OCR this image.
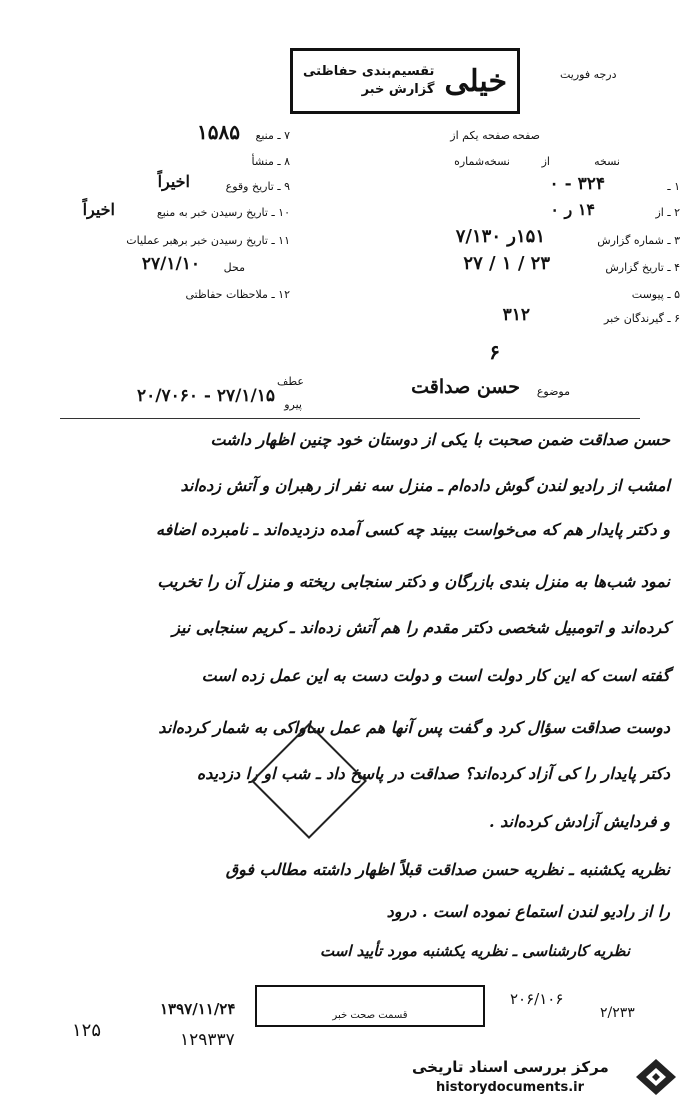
درجه فوریت
خیلی
تقسیم‌بندی حفاظتی
گزارش خبر
صفحه یکم از صفحه
نسخه‌شماره	از	نسخه
۱ ـ
۳۲۴ - ۰
۲ ـ از
۱۴ ر ۰
۳ ـ شماره گزارش
۱۵۱ر ۷/۱۳۰
۴ ـ تاریخ گزارش
۲۳ / ۱ / ۲۷
۵ ـ پیوست
۶ ـ گیرندگان خبر
۳۱۲
۷ ـ منبع
۱۵۸۵
۸ ـ منشأ
۹ ـ تاریخ وقوع
اخیراً
۱۰ ـ تاریخ رسیدن خبر به منبع
اخیراً
۱۱ ـ تاریخ رسیدن خبر برهبر عملیات
محل
۲۷/۱/۱۰
۱۲ ـ ملاحظات حفاظتی
۶
موضوع
حسن صداقت
عطف
پیرو
۲۷/۱/۱۵ - ۲۰/۷۰۶۰
حسن صداقت ضمن صحبت با یکی از دوستان خود چنین اظهار داشت
امشب از رادیو لندن گوش داده‌ام ـ منزل سه نفر از رهبران و آتش زده‌اند
و دکتر پایدار هم که می‌خواست ببیند چه کسی آمده دزدیده‌اند ـ نامبرده اضافه
نمود شب‌ها به منزل بندی بازرگان و دکتر سنجابی ریخته و منزل آن را تخریب
کرده‌اند و اتومبیل شخصی دکتر مقدم را هم آتش زده‌اند ـ کریم سنجابی نیز
گفته است که این کار دولت است و دولت دست به این عمل زده است
دوست صداقت سؤال کرد و گفت پس آنها هم عمل ساواکی به شمار کرده‌اند
دکتر پایدار را کی آزاد کرده‌اند؟ صداقت در پاسخ داد ـ شب او را دزدیده
و فردایش آزادش کرده‌اند .
نظریه یکشنبه ـ نظریه حسن صداقت قبلاً اظهار داشته مطالب فوق
را از رادیو لندن استماع نموده است . درود
نظریه کارشناسی ـ نظریه یکشنبه مورد تأیید است
قسمت صحت خبر
۱۳۹۷/۱۱/۲۴
۱۲۵	۱۲۹۳۳۷
۲۰۶/۱۰۶
۲/۲۳۳
مرکز بررسی اسناد تاریخی
historydocuments.ir
